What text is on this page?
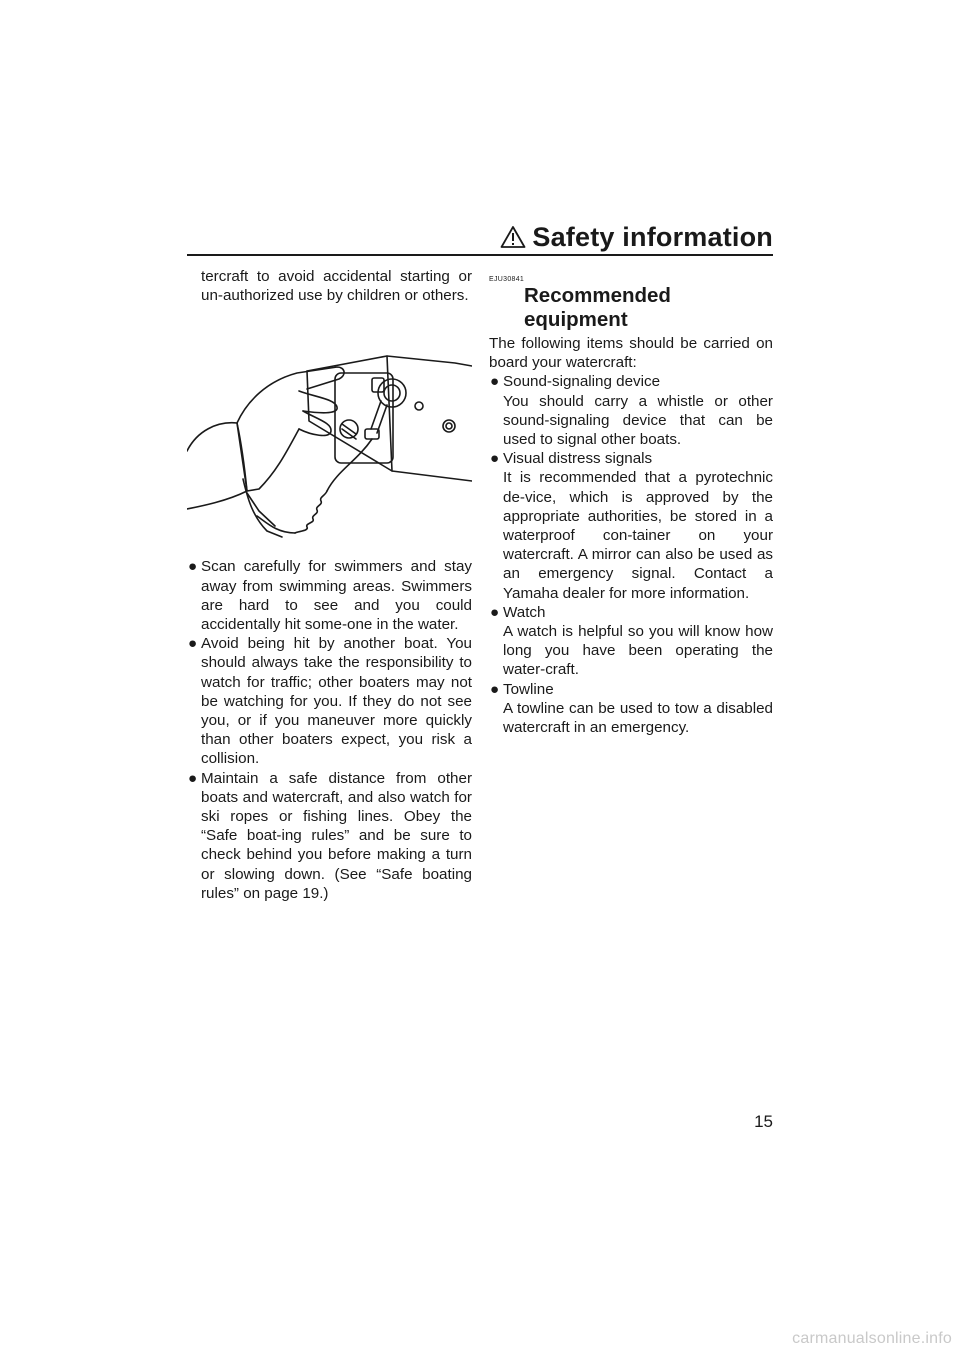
Safety information
tercraft to avoid accidental starting or un-authorized use by children or others.
● Scan carefully for swimmers and stay away from swimming areas. Swimmers are hard to see and you could accidentally hit some-one in the water.
● Avoid being hit by another boat. You should always take the responsibility to watch for traffic; other boaters may not be watching for you. If they do not see you, or if you maneuver more quickly than other boaters expect, you risk a collision.
● Maintain a safe distance from other boats and watercraft, and also watch for ski ropes or fishing lines. Obey the “Safe boat-ing rules” and be sure to check behind you before making a turn or slowing down. (See “Safe boating rules” on page 19.)
EJU30841
Recommended equipment
The following items should be carried on board your watercraft:
● Sound-signaling device
You should carry a whistle or other sound-signaling device that can be used to signal other boats.
● Visual distress signals
It is recommended that a pyrotechnic de-vice, which is approved by the appropriate authorities, be stored in a waterproof con-tainer on your watercraft. A mirror can also be used as an emergency signal. Contact a Yamaha dealer for more information.
● Watch
A watch is helpful so you will know how long you have been operating the water-craft.
● Towline
A towline can be used to tow a disabled watercraft in an emergency.
15
carmanualsonline.info
